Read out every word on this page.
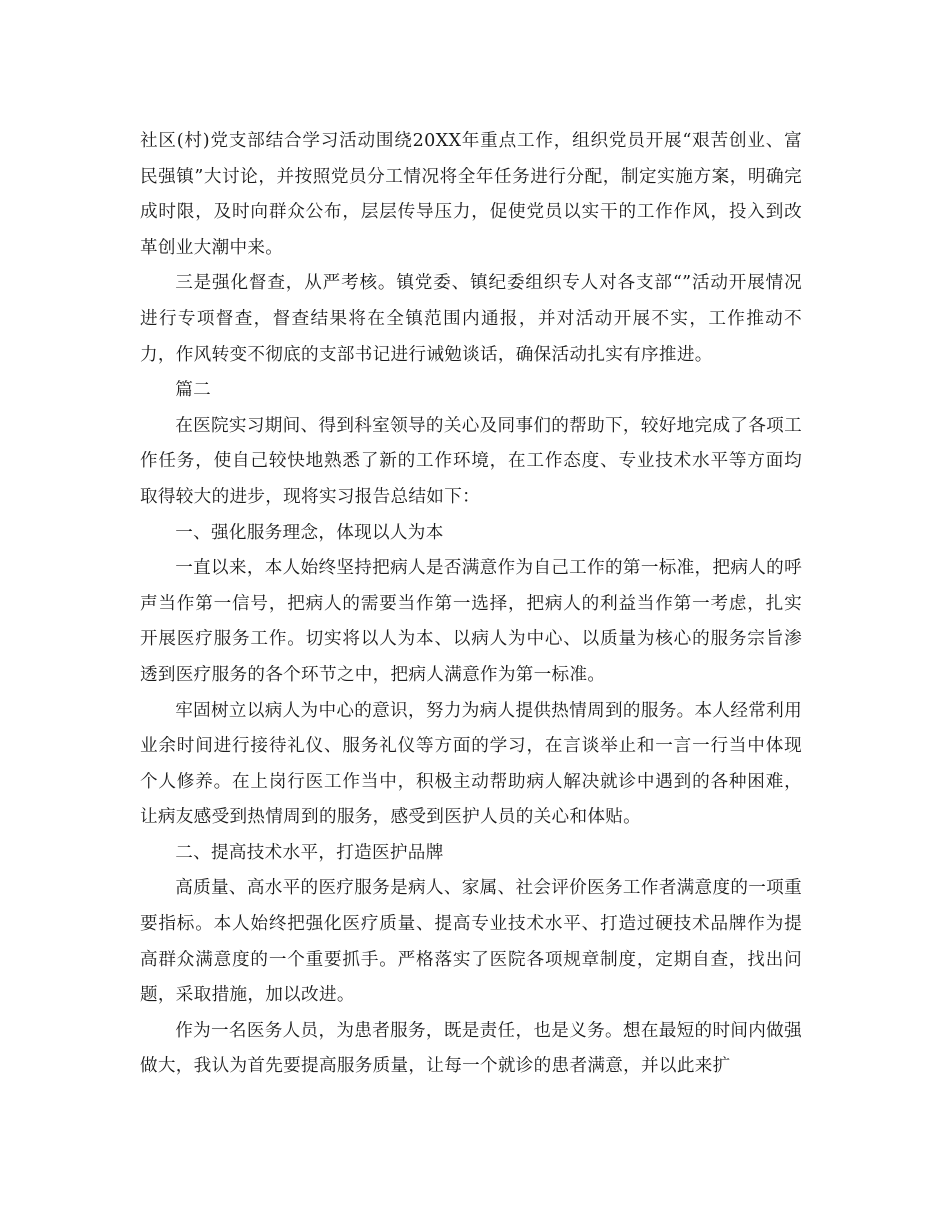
社区(村)党支部结合学习活动围绕20XX年重点工作，组织党员开展“艰苦创业、富民强镇”大讨论，并按照党员分工情况将全年任务进行分配，制定实施方案，明确完成时限，及时向群众公布，层层传导压力，促使党员以实干的工作作风，投入到改革创业大潮中来。

三是强化督查，从严考核。镇党委、镇纪委组织专人对各支部“”活动开展情况进行专项督查，督查结果将在全镇范围内通报，并对活动开展不实，工作推动不力，作风转变不彻底的支部书记进行诫勉谈话，确保活动扎实有序推进。

篇二

在医院实习期间、得到科室领导的关心及同事们的帮助下，较好地完成了各项工作任务，使自己较快地熟悉了新的工作环境，在工作态度、专业技术水平等方面均取得较大的进步，现将实习报告总结如下：

一、强化服务理念，体现以人为本

一直以来，本人始终坚持把病人是否满意作为自己工作的第一标准，把病人的呼声当作第一信号，把病人的需要当作第一选择，把病人的利益当作第一考虑，扎实开展医疗服务工作。切实将以人为本、以病人为中心、以质量为核心的服务宗旨渗透到医疗服务的各个环节之中，把病人满意作为第一标准。

牢固树立以病人为中心的意识，努力为病人提供热情周到的服务。本人经常利用业余时间进行接待礼仪、服务礼仪等方面的学习，在言谈举止和一言一行当中体现个人修养。在上岗行医工作当中，积极主动帮助病人解决就诊中遇到的各种困难，让病友感受到热情周到的服务，感受到医护人员的关心和体贴。

二、提高技术水平，打造医护品牌

高质量、高水平的医疗服务是病人、家属、社会评价医务工作者满意度的一项重要指标。本人始终把强化医疗质量、提高专业技术水平、打造过硬技术品牌作为提高群众满意度的一个重要抓手。严格落实了医院各项规章制度，定期自查，找出问题，采取措施，加以改进。

作为一名医务人员，为患者服务，既是责任，也是义务。想在最短的时间内做强做大，我认为首先要提高服务质量，让每一个就诊的患者满意，并以此来扩
